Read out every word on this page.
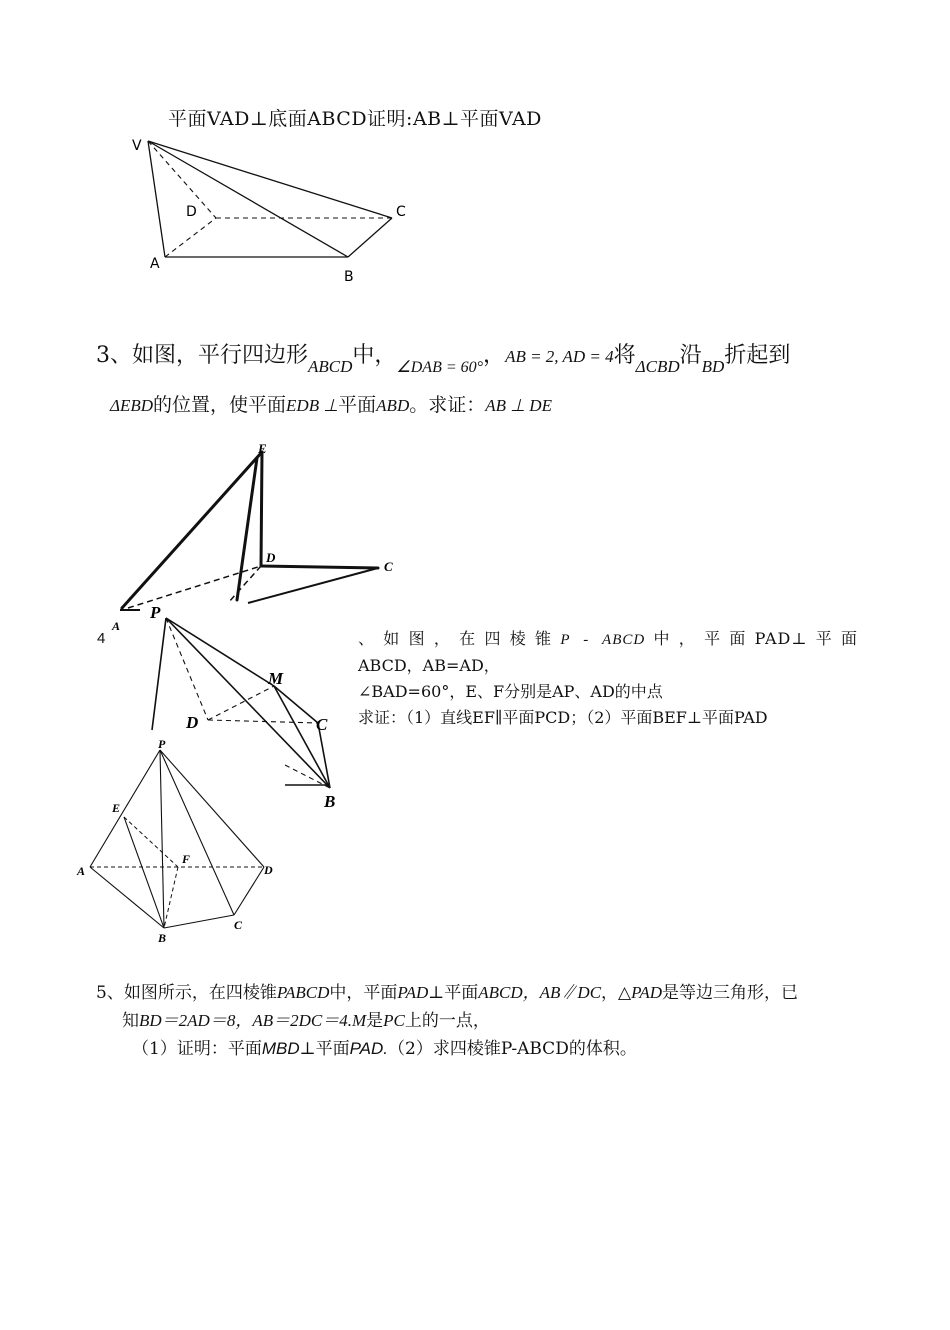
平面VAD⊥底面ABCD证明:AB⊥平面VAD
V
D	C
A
B
3、如图，平行四边形$_{ABCD}$中，$_{\angle DAB = 60^\circ}$，AB = 2, AD = 4将$_{\Delta CBD}$沿$_{BD}$折起到
ΔEBD的位置，使平面EDB ⊥平面ABD。求证：AB ⊥ DE
E
D
C
A
4
P
M
D	C
B
P
E
F
A	D
B
C
、如图，在四棱锥P - ABCD中，平面PAD⊥平面
ABCD，AB=AD，
∠BAD=60°，E、F分别是AP、AD的中点
求证：（1）直线EF∥平面PCD；（2）平面BEF⊥平面PAD
5、如图所示，在四棱锥PABCD中，平面PAD⊥平面ABCD，AB∥DC，△PAD是等边三角形，已
知BD＝2AD＝8，AB＝2DC＝4.M是PC上的一点，
（1）证明：平面MBD⊥平面PAD.（2）求四棱锥P-ABCD的体积。
